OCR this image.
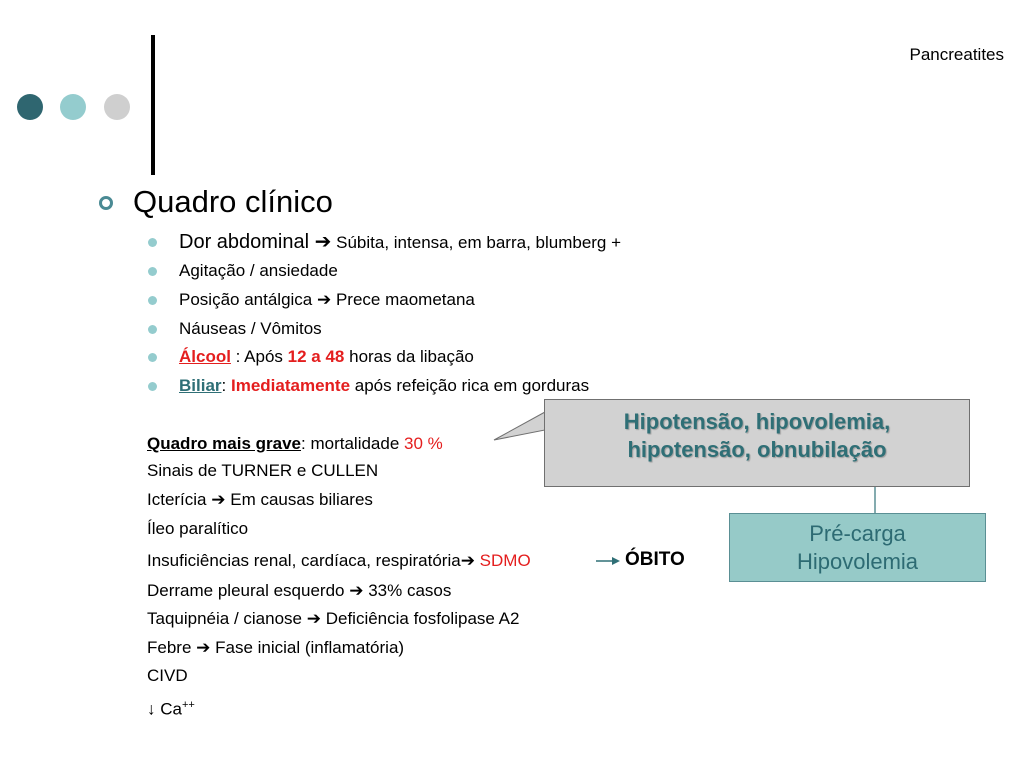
Pancreatites
Quadro clínico
Dor abdominal ➔ Súbita, intensa, em barra, blumberg +
Agitação / ansiedade
Posição antálgica ➔ Prece maometana
Náuseas / Vômitos
Álcool : Após 12 a 48 horas da libação
Biliar: Imediatamente após refeição rica em gorduras
Quadro mais grave: mortalidade 30 %
Sinais de TURNER e CULLEN
Icterícia ➔ Em causas biliares
Íleo paralítico
Insuficiências renal, cardíaca, respiratória➔ SDMO	ÓBITO
Derrame pleural esquerdo ➔ 33% casos
Taquipnéia / cianose ➔ Deficiência fosfolipase A2
Febre ➔ Fase inicial (inflamatória)
CIVD
↓ Ca++
Hipotensão, hipovolemia,
hipotensão, obnubilação
Pré-carga
Hipovolemia
